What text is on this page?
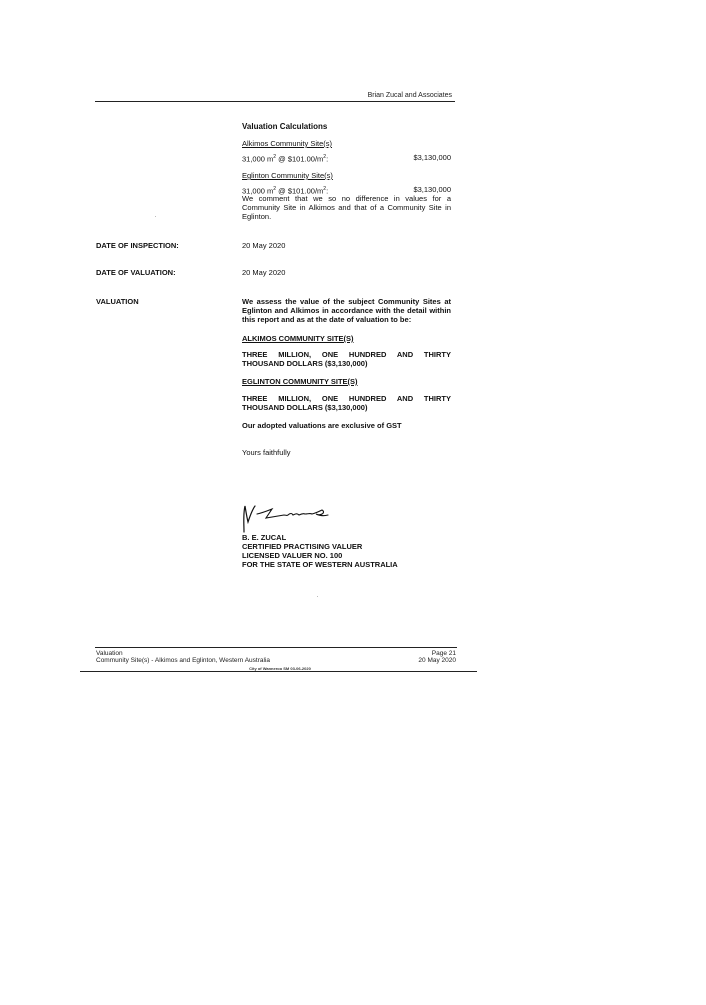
Brian Zucal and Associates
Valuation Calculations
Alkimos Community Site(s)
31,000 $m^2$ @ $\$101.00/m^2$:	$3,130,000
Eglinton Community Site(s)
31,000 $m^2$ @ $\$101.00/m^2$:	$3,130,000
We comment that we so no difference in values for a Community Site in Alkimos and that of a Community Site in Eglinton.
DATE OF INSPECTION:	20 May 2020
DATE OF VALUATION:	20 May 2020
VALUATION	We assess the value of the subject Community Sites at Eglinton and Alkimos in accordance with the detail within this report and as at the date of valuation to be:
ALKIMOS COMMUNITY SITE(S)
THREE MILLION, ONE HUNDRED AND THIRTY
THOUSAND DOLLARS ($3,130,000)
EGLINTON COMMUNITY SITE(S)
THREE MILLION, ONE HUNDRED AND THIRTY
THOUSAND DOLLARS ($3,130,000)
Our adopted valuations are exclusive of GST
Yours faithfully
B. E. ZUCAL
CERTIFIED PRACTISING VALUER
LICENSED VALUER NO. 100
FOR THE STATE OF WESTERN AUSTRALIA
Valuation
Community Site(s) - Alkimos and Eglinton, Western Australia
Page 21
20 May 2020
City of Wanneroo SM 03-06-2020
